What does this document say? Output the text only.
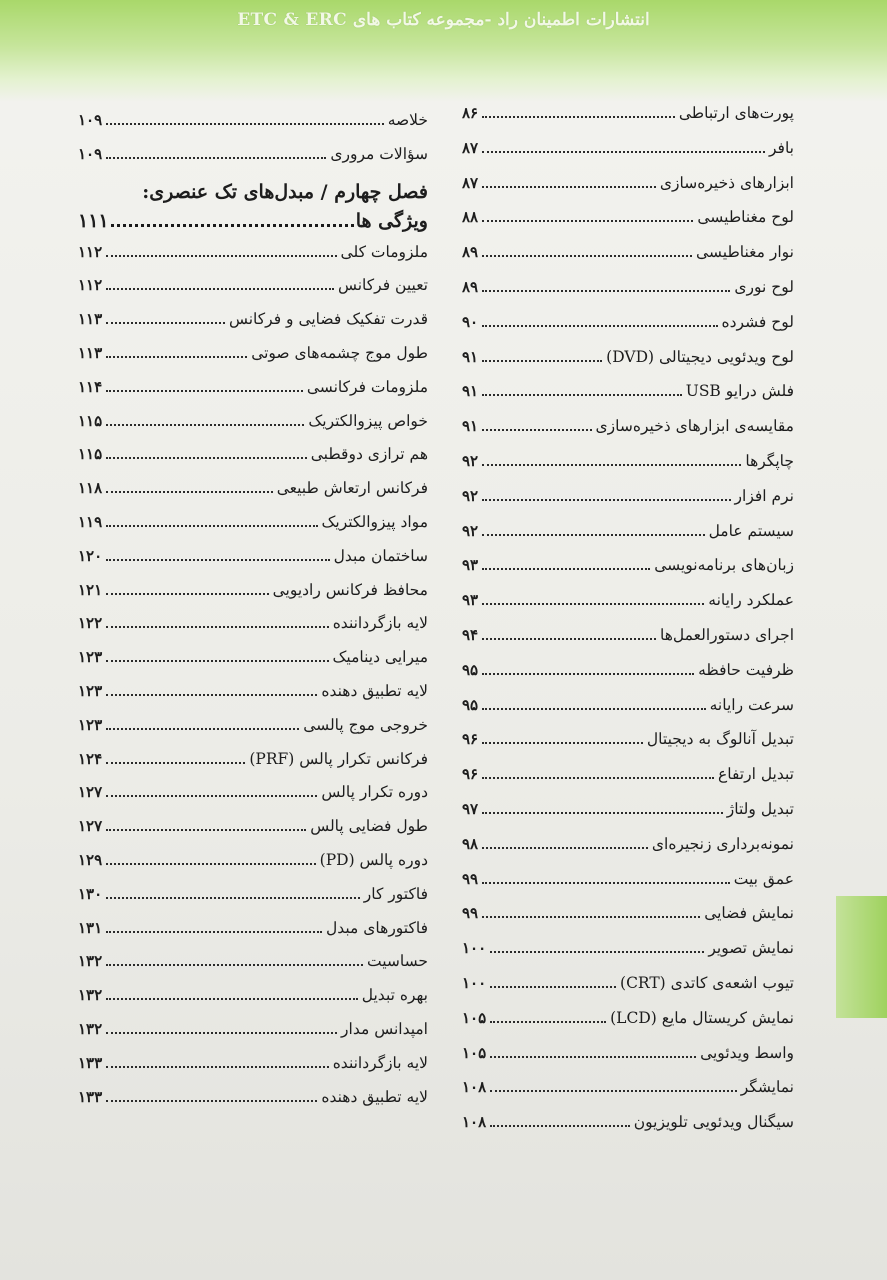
انتشارات اطمینان راد -مجموعه کتاب های ETC & ERC
پورت‌های ارتباطی
۸۶
بافر
۸۷
ابزارهای ذخیره‌سازی
۸۷
لوح مغناطیسی
۸۸
نوار مغناطیسی
۸۹
لوح نوری
۸۹
لوح فشرده
۹۰
لوح ویدئویی دیجیتالی (DVD)
۹۱
فلش درایو USB
۹۱
مقایسه‌ی ابزارهای ذخیره‌سازی
۹۱
چاپگرها
۹۲
نرم افزار
۹۲
سیستم عامل
۹۲
زبان‌های برنامه‌نویسی
۹۳
عملکرد رایانه
۹۳
اجرای دستورالعمل‌ها
۹۴
ظرفیت حافظه
۹۵
سرعت رایانه
۹۵
تبدیل آنالوگ به دیجیتال
۹۶
تبدیل ارتفاع
۹۶
تبدیل ولتاژ
۹۷
نمونه‌برداری زنجیره‌ای
۹۸
عمق بیت
۹۹
نمایش فضایی
۹۹
نمایش تصویر
۱۰۰
تیوب اشعه‌ی کاتدی (CRT)
۱۰۰
نمایش کریستال مایع (LCD)
۱۰۵
واسط ویدئویی
۱۰۵
نمایشگر
۱۰۸
سیگنال ویدئویی تلویزیون
۱۰۸
خلاصه
۱۰۹
سؤالات مروری
۱۰۹
فصل چهارم / مبدل‌های تک عنصری:
ویژگی ها
۱۱۱
ملزومات کلی
۱۱۲
تعیین فرکانس
۱۱۲
قدرت تفکیک فضایی و فرکانس
۱۱۳
طول موج چشمه‌های صوتی
۱۱۳
ملزومات فرکانسی
۱۱۴
خواص پیزوالکتریک
۱۱۵
هم ترازی دوقطبی
۱۱۵
فرکانس ارتعاش طبیعی
۱۱۸
مواد پیزوالکتریک
۱۱۹
ساختمان مبدل
۱۲۰
محافظ فرکانس رادیویی
۱۲۱
لایه بازگرداننده
۱۲۲
میرایی دینامیک
۱۲۳
لایه تطبیق دهنده
۱۲۳
خروجی موج پالسی
۱۲۳
فرکانس تکرار پالس (PRF)
۱۲۴
دوره تکرار پالس
۱۲۷
طول فضایی پالس
۱۲۷
دوره پالس (PD)
۱۲۹
فاکتور کار
۱۳۰
فاکتورهای مبدل
۱۳۱
حساسیت
۱۳۲
بهره تبدیل
۱۳۲
امپدانس مدار
۱۳۲
لایه بازگرداننده
۱۳۳
لایه تطبیق دهنده
۱۳۳
